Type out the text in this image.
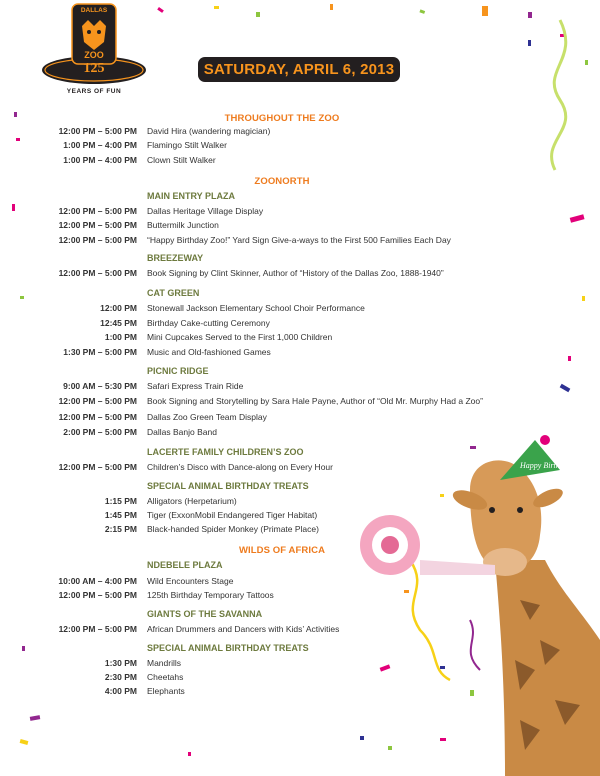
DALLAS
ZOO
125
YEARS OF FUN
SATURDAY, APRIL 6, 2013
Happy Birthday
THROUGHOUT THE ZOO
12:00 PM – 5:00 PM David Hira (wandering magician)
1:00 PM – 4:00 PM Flamingo Stilt Walker
1:00 PM – 4:00 PM Clown Stilt Walker
ZOONORTH
MAIN ENTRY PLAZA
12:00 PM – 5:00 PM Dallas Heritage Village Display
12:00 PM – 5:00 PM Buttermilk Junction
12:00 PM – 5:00 PM “Happy Birthday Zoo!” Yard Sign Give-a-ways to the First 500 Families Each Day
BREEZEWAY
12:00 PM – 5:00 PM Book Signing by Clint Skinner, Author of “History of the Dallas Zoo, 1888-1940”
CAT GREEN
12:00 PM Stonewall Jackson Elementary School Choir Performance
12:45 PM Birthday Cake-cutting Ceremony
1:00 PM Mini Cupcakes Served to the First 1,000 Children
1:30 PM – 5:00 PM Music and Old-fashioned Games
PICNIC RIDGE
9:00 AM – 5:30 PM Safari Express Train Ride
12:00 PM – 5:00 PM Book Signing and Storytelling by Sara Hale Payne, Author of “Old Mr. Murphy Had a Zoo”
12:00 PM – 5:00 PM Dallas Zoo Green Team Display
2:00 PM – 5:00 PM Dallas Banjo Band
LACERTE FAMILY CHILDREN’S ZOO
12:00 PM – 5:00 PM Children’s Disco with Dance-along on Every Hour
SPECIAL ANIMAL BIRTHDAY TREATS
1:15 PM Alligators (Herpetarium)
1:45 PM Tiger (ExxonMobil Endangered Tiger Habitat)
2:15 PM Black-handed Spider Monkey (Primate Place)
WILDS OF AFRICA
NDEBELE PLAZA
10:00 AM – 4:00 PM Wild Encounters Stage
12:00 PM – 5:00 PM 125th Birthday Temporary Tattoos
GIANTS OF THE SAVANNA
12:00 PM – 5:00 PM African Drummers and Dancers with Kids’ Activities
SPECIAL ANIMAL BIRTHDAY TREATS
1:30 PM Mandrills
2:30 PM Cheetahs
4:00 PM Elephants
